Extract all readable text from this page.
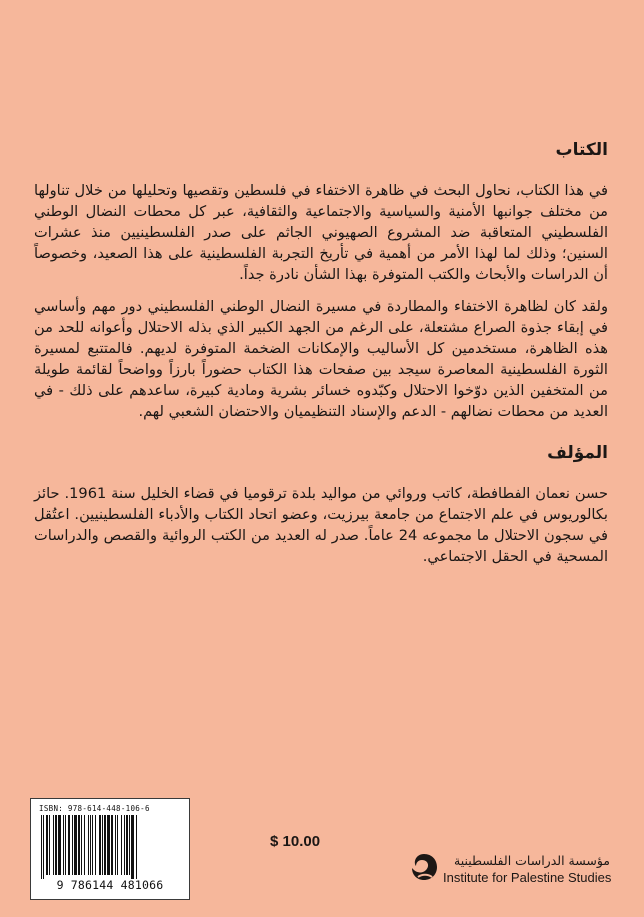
الكتاب

في هذا الكتاب، نحاول البحث في ظاهرة الاختفاء في فلسطين وتقصيها وتحليلها من خلال تناولها من مختلف جوانبها الأمنية والسياسية والاجتماعية والثقافية، عبر كل محطات النضال الوطني الفلسطيني المتعاقبة ضد المشروع الصهيوني الجاثم على صدر الفلسطينيين منذ عشرات السنين؛ وذلك لما لهذا الأمر من أهمية في تأريخ التجربة الفلسطينية على هذا الصعيد، وخصوصاً أن الدراسات والأبحاث والكتب المتوفرة بهذا الشأن نادرة جداً.

ولقد كان لظاهرة الاختفاء والمطاردة في مسيرة النضال الوطني الفلسطيني دور مهم وأساسي في إبقاء جذوة الصراع مشتعلة، على الرغم من الجهد الكبير الذي بذله الاحتلال وأعوانه للحد من هذه الظاهرة، مستخدمين كل الأساليب والإمكانات الضخمة المتوفرة لديهم. فالمتتبع لمسيرة الثورة الفلسطينية المعاصرة سيجد بين صفحات هذا الكتاب حضوراً بارزاً وواضحاً لقائمة طويلة من المتخفين الذين دوّخوا الاحتلال وكبّدوه خسائر بشرية ومادية كبيرة، ساعدهم على ذلك - في العديد من محطات نضالهم - الدعم والإسناد التنظيميان والاحتضان الشعبي لهم.

المؤلف

حسن نعمان الفطافطة، كاتب وروائي من مواليد بلدة ترقوميا في قضاء الخليل سنة 1961. حائز بكالوريوس في علم الاجتماع من جامعة بيرزيت، وعضو اتحاد الكتاب والأدباء الفلسطينيين. اعتُقل في سجون الاحتلال ما مجموعه 24 عاماً. صدر له العديد من الكتب الروائية والقصص والدراسات المسحية في الحقل الاجتماعي.

ISBN: 978-614-448-106-6
9 786144 481066
$ 10.00
مؤسسة الدراسات الفلسطينية
Institute for Palestine Studies
